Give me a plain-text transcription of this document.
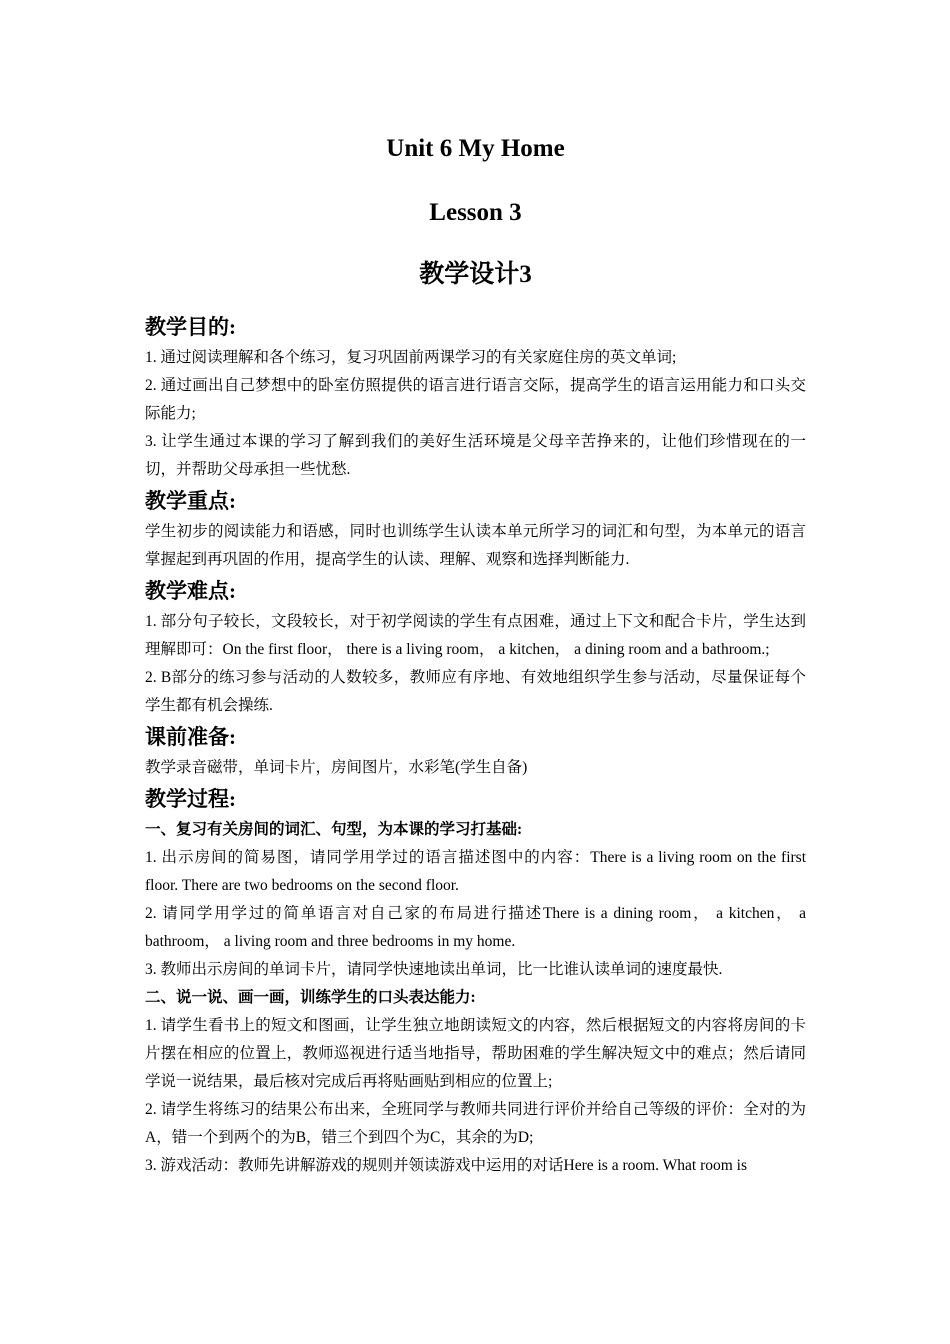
Unit 6 My Home
Lesson 3
教学设计3

教学目的:

1. 通过阅读理解和各个练习，复习巩固前两课学习的有关家庭住房的英文单词;

2. 通过画出自己梦想中的卧室仿照提供的语言进行语言交际，提高学生的语言运用能力和口头交际能力;

3. 让学生通过本课的学习了解到我们的美好生活环境是父母辛苦挣来的，让他们珍惜现在的一切，并帮助父母承担一些忧愁.

教学重点:

学生初步的阅读能力和语感，同时也训练学生认读本单元所学习的词汇和句型，为本单元的语言掌握起到再巩固的作用，提高学生的认读、理解、观察和选择判断能力.

教学难点:

1. 部分句子较长，文段较长，对于初学阅读的学生有点困难，通过上下文和配合卡片，学生达到理解即可：On the first floor， there is a living room， a kitchen， a dining room and a bathroom.;

2. B部分的练习参与活动的人数较多，教师应有序地、有效地组织学生参与活动，尽量保证每个学生都有机会操练.

课前准备:

教学录音磁带，单词卡片，房间图片，水彩笔(学生自备)

教学过程:

一、复习有关房间的词汇、句型，为本课的学习打基础:

1. 出示房间的简易图，请同学用学过的语言描述图中的内容：There is a living room on the first floor. There are two bedrooms on the second floor.

2. 请同学用学过的简单语言对自己家的布局进行描述There is a dining room， a kitchen， a bathroom， a living room and three bedrooms in my home.

3. 教师出示房间的单词卡片，请同学快速地读出单词，比一比谁认读单词的速度最快.

二、说一说、画一画，训练学生的口头表达能力:

1. 请学生看书上的短文和图画，让学生独立地朗读短文的内容，然后根据短文的内容将房间的卡片摆在相应的位置上，教师巡视进行适当地指导，帮助困难的学生解决短文中的难点；然后请同学说一说结果，最后核对完成后再将贴画贴到相应的位置上;

2. 请学生将练习的结果公布出来，全班同学与教师共同进行评价并给自己等级的评价：全对的为A，错一个到两个的为B，错三个到四个为C，其余的为D;

3. 游戏活动：教师先讲解游戏的规则并领读游戏中运用的对话Here is a room. What room is
